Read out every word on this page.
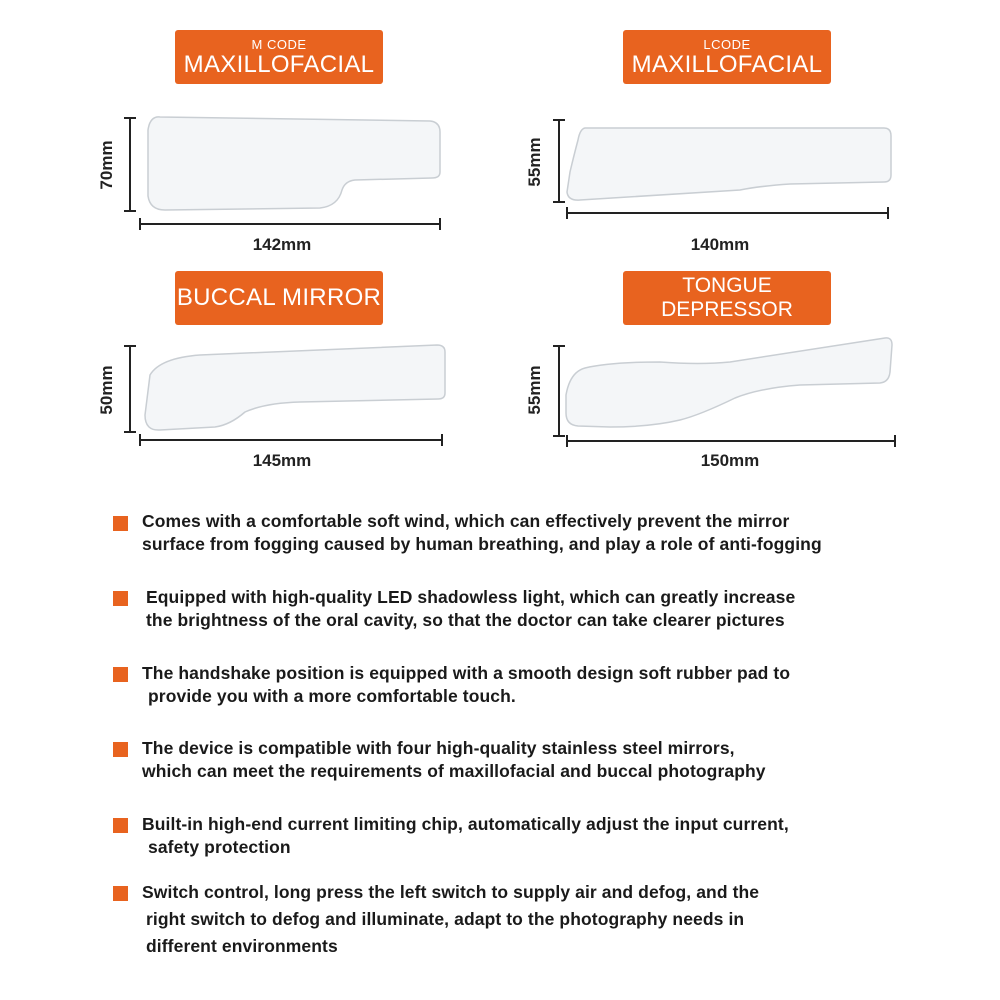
M CODE
MAXILLOFACIAL
70mm
142mm
LCODE
MAXILLOFACIAL
55mm
140mm
BUCCAL MIRROR
50mm
145mm
TONGUE
DEPRESSOR
55mm
150mm
Comes with a comfortable soft wind, which can effectively prevent the mirror
surface from fogging caused by human breathing, and play a role of anti-fogging
Equipped with high-quality LED shadowless light, which can greatly increase
the brightness of the oral cavity, so that the doctor can take clearer pictures
The handshake position is equipped with a smooth design soft rubber pad to
provide you with a more comfortable touch.
The device is compatible with four high-quality stainless steel mirrors,
which can meet the requirements of maxillofacial and buccal photography
Built-in high-end current limiting chip, automatically adjust the input current,
safety protection
Switch control, long press the left switch to supply air and defog, and the
right switch to defog and illuminate, adapt to the photography needs in
different environments
